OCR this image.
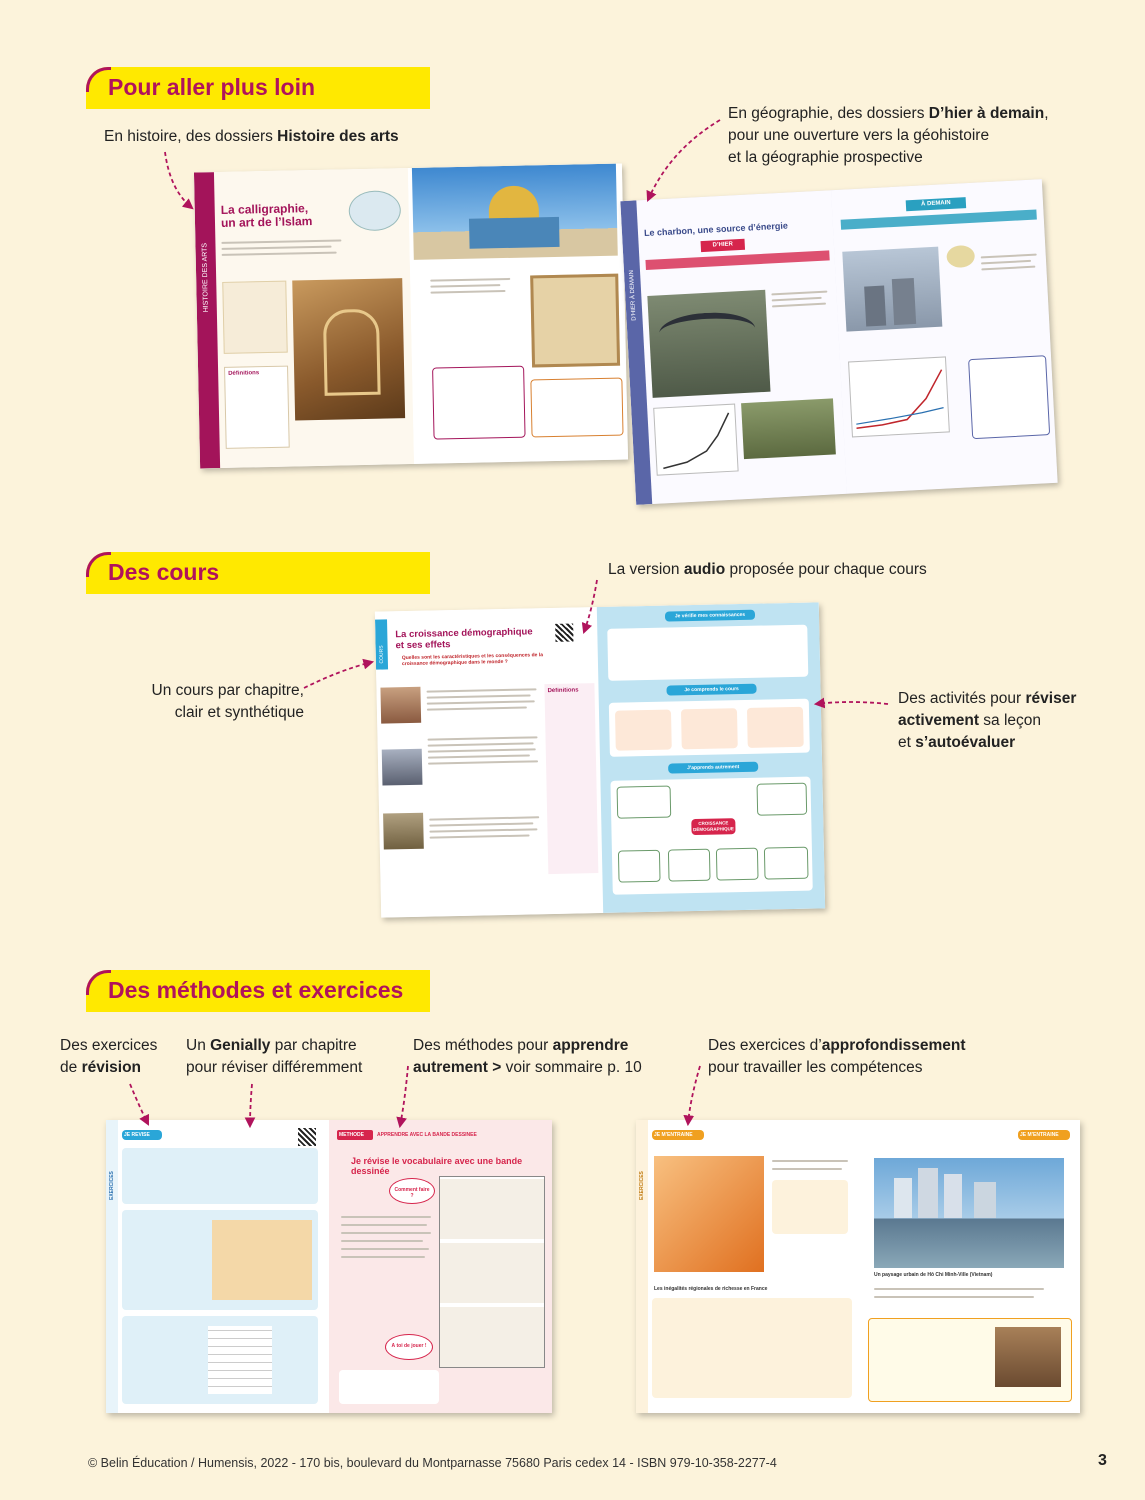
Pour aller plus loin
En histoire, des dossiers Histoire des arts
En géographie, des dossiers D’hier à demain,
pour une ouverture vers la géohistoire
et la géographie prospective
HISTOIRE DES ARTS
La calligraphie,
un art de l’Islam
Définitions
D’HIER À DEMAIN
Le charbon, une source d’énergie
D’HIER
À DEMAIN
Des cours	La version audio proposée pour chaque cours
Un cours par chapitre,
clair et synthétique
Des activités pour réviser
activement sa leçon
et s’autoévaluer
COURS
La croissance démographique
et ses effets
Quelles sont les caractéristiques et les conséquences de la croissance démographique dans le monde ?
Définitions
Je vérifie mes connaissances
Je comprends le cours
J’apprends autrement
CROISSANCE DÉMOGRAPHIQUE
Des méthodes et exercices
Des exercices
de révision
Un Genially par chapitre
pour réviser différemment
Des méthodes pour apprendre
autrement > voir sommaire p. 10
Des exercices d’approfondissement
pour travailler les compétences
EXERCICES
JE RÉVISE	MÉTHODE	APPRENDRE AVEC LA BANDE DESSINÉE
Je révise le vocabulaire avec une bande dessinée
Comment faire ?
À toi de jouer !
EXERCICES
JE M’ENTRAÎNE
Les inégalités régionales de richesse en France
JE M’ENTRAÎNE
Un paysage urbain de Hô Chi Minh-Ville (Vietnam)
© Belin Éducation / Humensis, 2022 - 170 bis, boulevard du Montparnasse 75680 Paris cedex 14 - ISBN 979-10-358-2277-4	3
